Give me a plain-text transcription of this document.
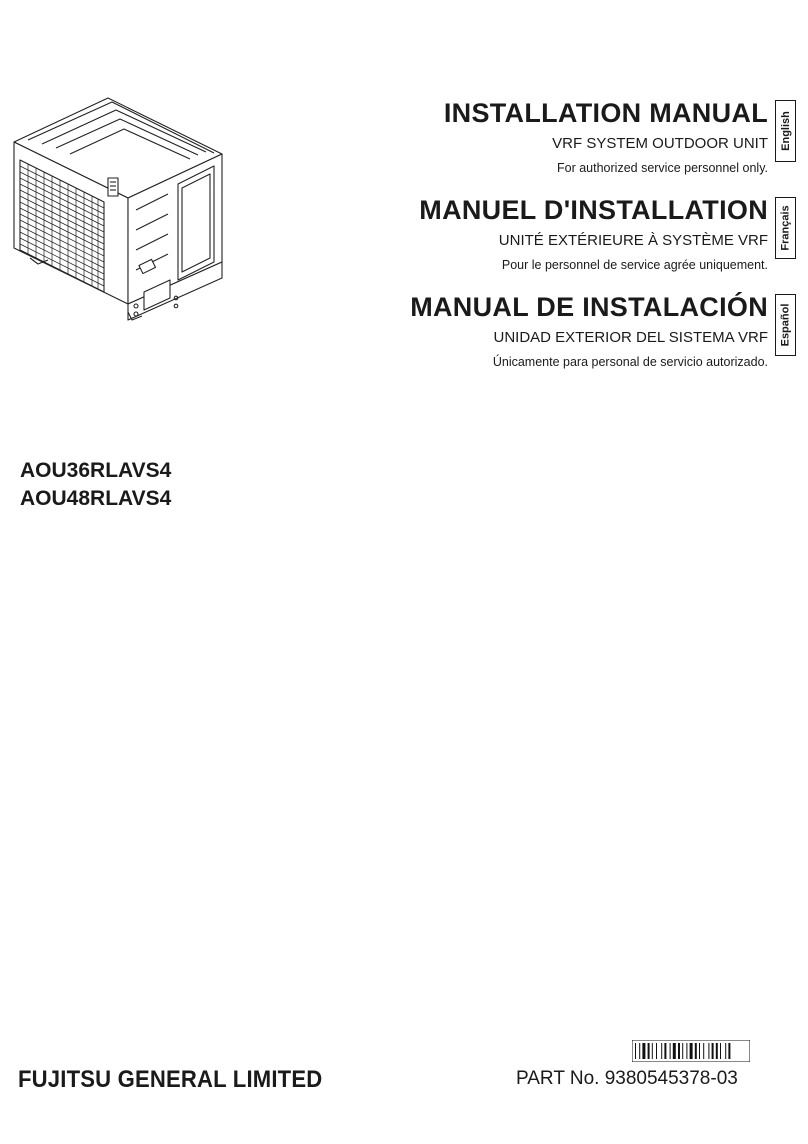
INSTALLATION MANUAL
VRF SYSTEM OUTDOOR UNIT
For authorized service personnel only.
English
MANUEL D'INSTALLATION
UNITÉ EXTÉRIEURE À SYSTÈME VRF
Pour le personnel de service agrée uniquement.
Français
MANUAL DE INSTALACIÓN
UNIDAD EXTERIOR DEL SISTEMA VRF
Únicamente para personal de servicio autorizado.
Español
AOU36RLAVS4
AOU48RLAVS4
FUJITSU GENERAL LIMITED	PART No. 9380545378-03
